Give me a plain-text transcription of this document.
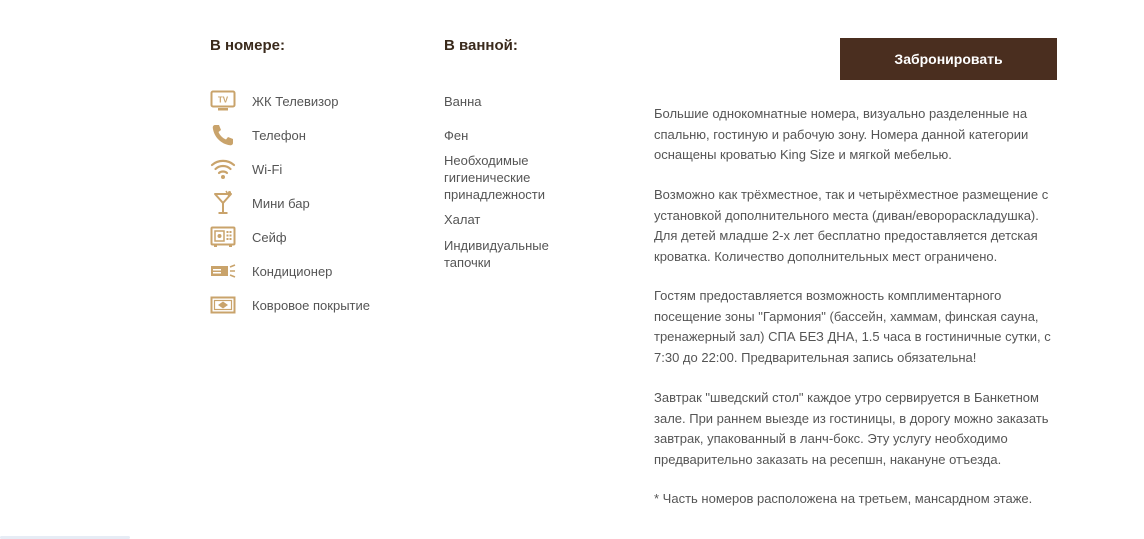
В номере:
TV ЖК Телевизор
Телефон
Wi-Fi
Мини бар
Сейф
Кондиционер
Ковровое покрытие
В ванной:
Ванна
Фен
Необходимые гигиенические принадлежности
Халат
Индивидуальные тапочки
Забронировать

Большие однокомнатные номера, визуально разделенные на спальню, гостиную и рабочую зону. Номера данной категории оснащены кроватью King Size и мягкой мебелью.

Возможно как трёхместное, так и четырёхместное размещение с установкой дополнительного места (диван/еворораскладушка). Для детей младше 2-х лет бесплатно предоставляется детская кроватка. Количество дополнительных мест ограничено.

Гостям предоставляется возможность комплиментарного посещение зоны "Гармония" (бассейн, хаммам, финская сауна, тренажерный зал) СПА БЕЗ ДНА, 1.5 часа в гостиничные сутки, с 7:30 до 22:00. Предварительная запись обязательна!

Завтрак "шведский стол" каждое утро сервируется в Банкетном зале. При раннем выезде из гостиницы, в дорогу можно заказать завтрак, упакованный в ланч-бокс. Эту услугу необходимо предварительно заказать на ресепшн, накануне отъезда.

* Часть номеров расположена на третьем, мансардном этаже.
